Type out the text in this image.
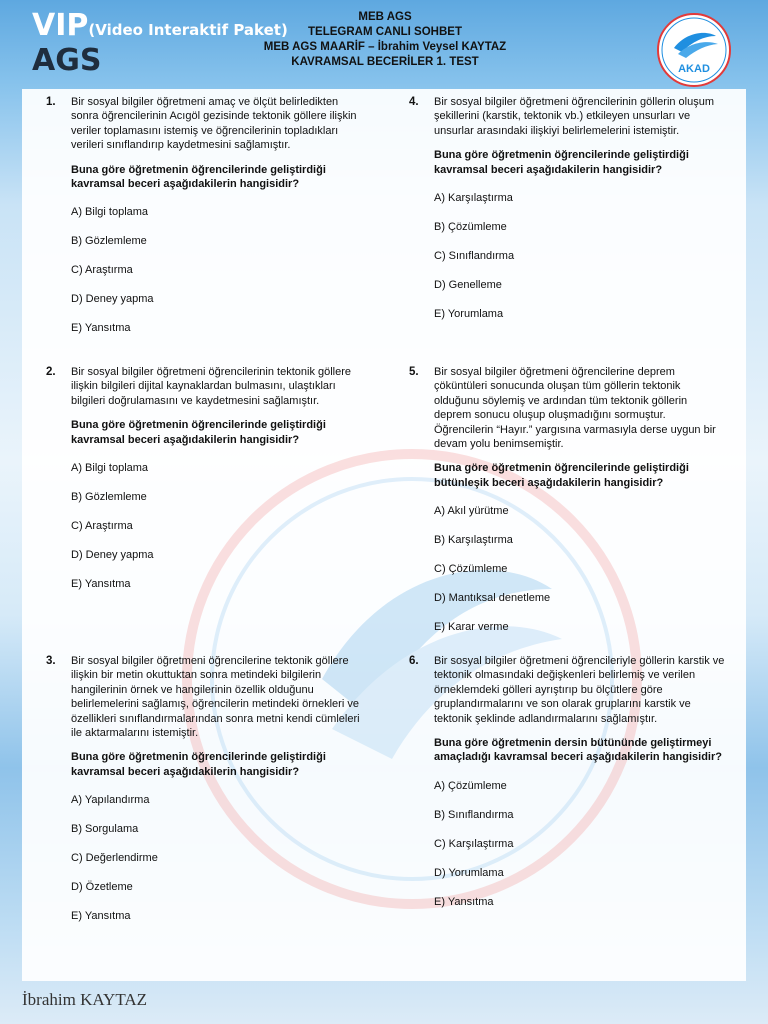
VIP(Video Interaktif Paket)
AGS
MEB AGS
TELEGRAM CANLI SOHBET
MEB AGS MAARİF – İbrahim Veysel KAYTAZ
KAVRAMSAL BECERİLER 1. TEST
AKAD
1. Bir sosyal bilgiler öğretmeni amaç ve ölçüt belirledikten sonra öğrencilerinin Acıgöl gezisinde tektonik göllere ilişkin veriler toplamasını istemiş ve öğrencilerinin topladıkları verileri sınıflandırıp kaydetmesini sağlamıştır.
Buna göre öğretmenin öğrencilerinde geliştirdiği kavramsal beceri aşağıdakilerin hangisidir?
A) Bilgi toplama
B) Gözlemleme
C) Araştırma
D) Deney yapma
E) Yansıtma
2. Bir sosyal bilgiler öğretmeni öğrencilerinin tektonik göllere ilişkin bilgileri dijital kaynaklardan bulmasını, ulaştıkları bilgileri doğrulamasını ve kaydetmesini sağlamıştır.
Buna göre öğretmenin öğrencilerinde geliştirdiği kavramsal beceri aşağıdakilerin hangisidir?
A) Bilgi toplama
B) Gözlemleme
C) Araştırma
D) Deney yapma
E) Yansıtma
3. Bir sosyal bilgiler öğretmeni öğrencilerine tektonik göllere ilişkin bir metin okuttuktan sonra metindeki bilgilerin hangilerinin örnek ve hangilerinin özellik olduğunu belirlemelerini sağlamış, öğrencilerin metindeki örnekleri ve özellikleri sınıflandırmalarından sonra metni kendi cümleleri ile aktarmalarını istemiştir.
Buna göre öğretmenin öğrencilerinde geliştirdiği kavramsal beceri aşağıdakilerin hangisidir?
A) Yapılandırma
B) Sorgulama
C) Değerlendirme
D) Özetleme
E) Yansıtma
4. Bir sosyal bilgiler öğretmeni öğrencilerinin göllerin oluşum şekillerini (karstik, tektonik vb.) etkileyen unsurları ve unsurlar arasındaki ilişkiyi belirlemelerini istemiştir.
Buna göre öğretmenin öğrencilerinde geliştirdiği kavramsal beceri aşağıdakilerin hangisidir?
A) Karşılaştırma
B) Çözümleme
C) Sınıflandırma
D) Genelleme
E) Yorumlama
5. Bir sosyal bilgiler öğretmeni öğrencilerine deprem çöküntüleri sonucunda oluşan tüm göllerin tektonik olduğunu söylemiş ve ardından tüm tektonik göllerin deprem sonucu oluşup oluşmadığını sormuştur. Öğrencilerin “Hayır.” yargısına varmasıyla derse uygun bir devam yolu benimsemiştir.
Buna göre öğretmenin öğrencilerinde geliştirdiği bütünleşik beceri aşağıdakilerin hangisidir?
A) Akıl yürütme
B) Karşılaştırma
C) Çözümleme
D) Mantıksal denetleme
E) Karar verme
6. Bir sosyal bilgiler öğretmeni öğrencileriyle göllerin karstik ve tektonik olmasındaki değişkenleri belirlemiş ve verilen örneklemdeki gölleri ayrıştırıp bu ölçütlere göre gruplandırmalarını ve son olarak gruplarını karstik ve tektonik şeklinde adlandırmalarını sağlamıştır.
Buna göre öğretmenin dersin bütününde geliştirmeyi amaçladığı kavramsal beceri aşağıdakilerin hangisidir?
A) Çözümleme
B) Sınıflandırma
C) Karşılaştırma
D) Yorumlama
E) Yansıtma
İbrahim KAYTAZ
